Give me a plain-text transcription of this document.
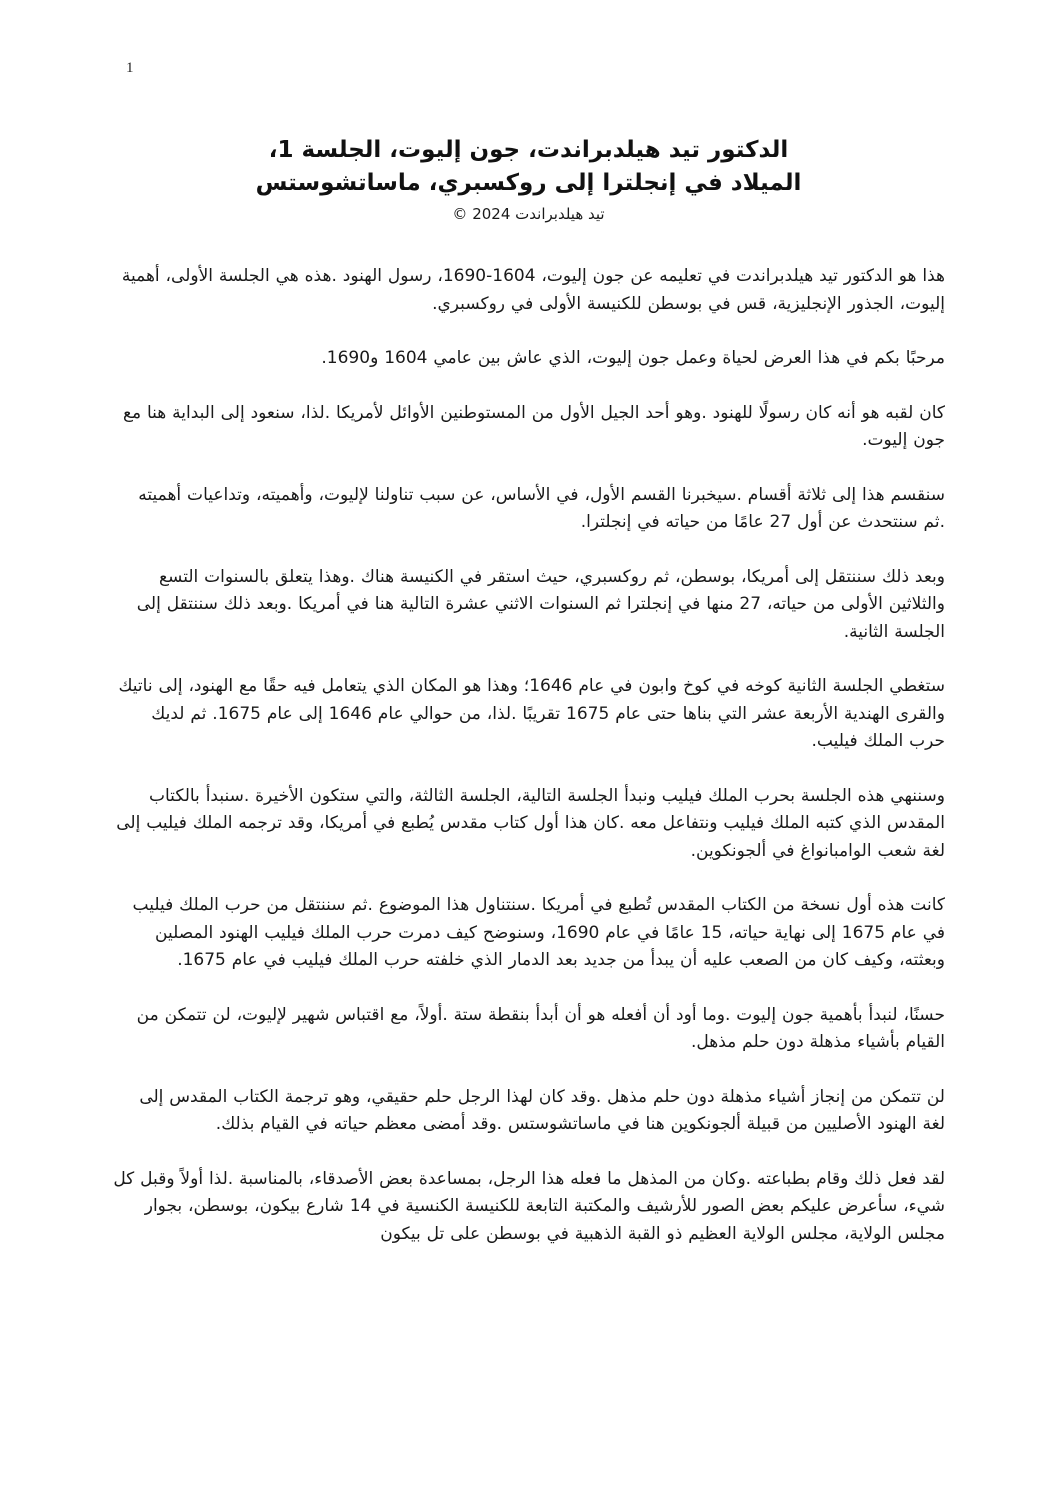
1
الدكتور تيد هيلدبراندت، جون إليوت، الجلسة 1،
الميلاد في إنجلترا إلى روكسبري، ماساتشوستس
تيد هيلدبراندت 2024 ©

هذا هو الدكتور تيد هيلدبراندت في تعليمه عن جون إليوت، 1604-1690، رسول الهنود .هذه هي الجلسة الأولى، أهمية إليوت، الجذور الإنجليزية، قس في بوسطن للكنيسة الأولى في روكسبري.

مرحبًا بكم في هذا العرض لحياة وعمل جون إليوت، الذي عاش بين عامي 1604 و1690.

كان لقبه هو أنه كان رسولًا للهنود .وهو أحد الجيل الأول من المستوطنين الأوائل لأمريكا .لذا، سنعود إلى البداية هنا مع جون إليوت.

سنقسم هذا إلى ثلاثة أقسام .سيخبرنا القسم الأول، في الأساس، عن سبب تناولنا لإليوت، وأهميته، وتداعيات أهميته .ثم سنتحدث عن أول 27 عامًا من حياته في إنجلترا.

وبعد ذلك سننتقل إلى أمريكا، بوسطن، ثم روكسبري، حيث استقر في الكنيسة هناك .وهذا يتعلق بالسنوات التسع والثلاثين الأولى من حياته، 27 منها في إنجلترا ثم السنوات الاثني عشرة التالية هنا في أمريكا .وبعد ذلك سننتقل إلى الجلسة الثانية.

ستغطي الجلسة الثانية كوخه في كوخ وابون في عام 1646؛ وهذا هو المكان الذي يتعامل فيه حقًا مع الهنود، إلى ناتيك والقرى الهندية الأربعة عشر التي بناها حتى عام 1675 تقريبًا .لذا، من حوالي عام 1646 إلى عام 1675. ثم لديك حرب الملك فيليب.

وسننهي هذه الجلسة بحرب الملك فيليب ونبدأ الجلسة التالية، الجلسة الثالثة، والتي ستكون الأخيرة .سنبدأ بالكتاب المقدس الذي كتبه الملك فيليب ونتفاعل معه .كان هذا أول كتاب مقدس يُطبع في أمريكا، وقد ترجمه الملك فيليب إلى لغة شعب الوامبانواغ في ألجونكوين.

كانت هذه أول نسخة من الكتاب المقدس تُطبع في أمريكا .سنتناول هذا الموضوع .ثم سننتقل من حرب الملك فيليب في عام 1675 إلى نهاية حياته، 15 عامًا في عام 1690، وسنوضح كيف دمرت حرب الملك فيليب الهنود المصلين وبعثته، وكيف كان من الصعب عليه أن يبدأ من جديد بعد الدمار الذي خلفته حرب الملك فيليب في عام 1675.

حسنًا، لنبدأ بأهمية جون إليوت .وما أود أن أفعله هو أن أبدأ بنقطة ستة .أولاً، مع اقتباس شهير لإليوت، لن تتمكن من القيام بأشياء مذهلة دون حلم مذهل.

لن تتمكن من إنجاز أشياء مذهلة دون حلم مذهل .وقد كان لهذا الرجل حلم حقيقي، وهو ترجمة الكتاب المقدس إلى لغة الهنود الأصليين من قبيلة ألجونكوين هنا في ماساتشوستس .وقد أمضى معظم حياته في القيام بذلك.

لقد فعل ذلك وقام بطباعته .وكان من المذهل ما فعله هذا الرجل، بمساعدة بعض الأصدقاء، بالمناسبة .لذا أولاً وقبل كل شيء، سأعرض عليكم بعض الصور للأرشيف والمكتبة التابعة للكنيسة الكنسية في 14 شارع بيكون، بوسطن، بجوار مجلس الولاية، مجلس الولاية العظيم ذو القبة الذهبية في بوسطن على تل بيكون
